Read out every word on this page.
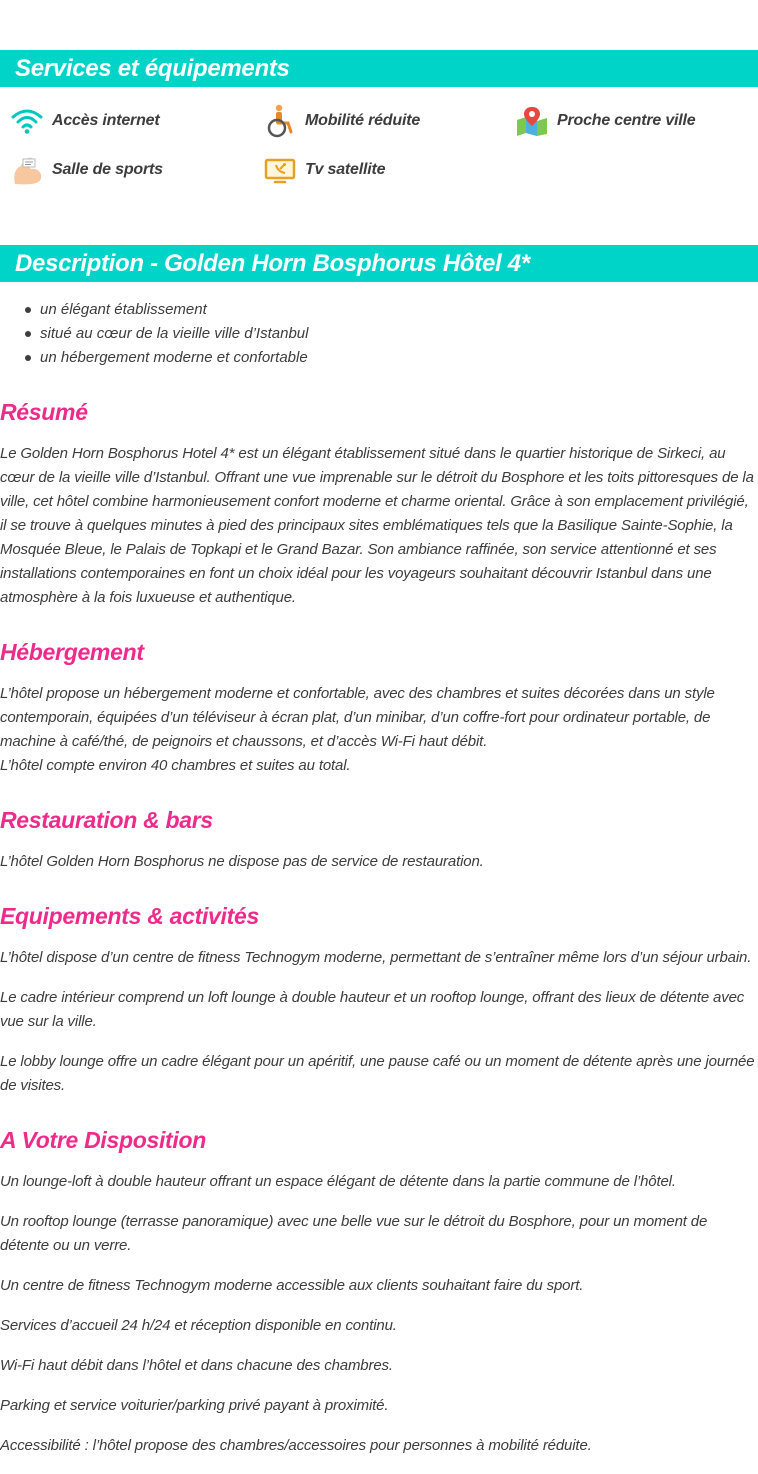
Services et équipements
Accès internet	Mobilité réduite	Proche centre ville
Salle de sports	Tv satellite
Description - Golden Horn Bosphorus Hôtel 4*
un élégant établissement
situé au cœur de la vieille ville d’Istanbul
un hébergement moderne et confortable
Résumé

Le Golden Horn Bosphorus Hotel 4* est un élégant établissement situé dans le quartier historique de Sirkeci, au cœur de la vieille ville d’Istanbul. Offrant une vue imprenable sur le détroit du Bosphore et les toits pittoresques de la ville, cet hôtel combine harmonieusement confort moderne et charme oriental. Grâce à son emplacement privilégié, il se trouve à quelques minutes à pied des principaux sites emblématiques tels que la Basilique Sainte-Sophie, la Mosquée Bleue, le Palais de Topkapi et le Grand Bazar. Son ambiance raffinée, son service attentionné et ses installations contemporaines en font un choix idéal pour les voyageurs souhaitant découvrir Istanbul dans une atmosphère à la fois luxueuse et authentique.

Hébergement

L’hôtel propose un hébergement moderne et confortable, avec des chambres et suites décorées dans un style contemporain, équipées d’un téléviseur à écran plat, d’un minibar, d’un coffre-fort pour ordinateur portable, de machine à café/thé, de peignoirs et chaussons, et d’accès Wi-Fi haut débit.

L’hôtel compte environ 40 chambres et suites au total.

Restauration & bars

L’hôtel Golden Horn Bosphorus ne dispose pas de service de restauration.

Equipements & activités

L’hôtel dispose d’un centre de fitness Technogym moderne, permettant de s’entraîner même lors d’un séjour urbain.

Le cadre intérieur comprend un loft lounge à double hauteur et un rooftop lounge, offrant des lieux de détente avec vue sur la ville.

Le lobby lounge offre un cadre élégant pour un apéritif, une pause café ou un moment de détente après une journée de visites.

A Votre Disposition

Un lounge-loft à double hauteur offrant un espace élégant de détente dans la partie commune de l’hôtel.

Un rooftop lounge (terrasse panoramique) avec une belle vue sur le détroit du Bosphore, pour un moment de détente ou un verre.

Un centre de fitness Technogym moderne accessible aux clients souhaitant faire du sport.

Services d’accueil 24 h/24 et réception disponible en continu.

Wi-Fi haut débit dans l’hôtel et dans chacune des chambres.

Parking et service voiturier/parking privé payant à proximité.

Accessibilité : l’hôtel propose des chambres/accessoires pour personnes à mobilité réduite.
